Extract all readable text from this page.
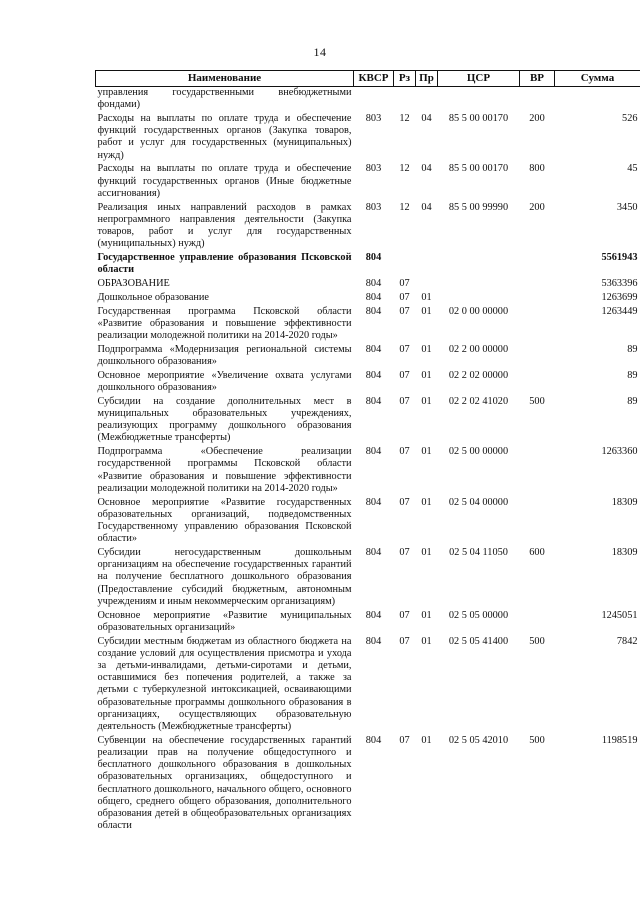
14
Наименование	КВСР	Рз	Пр	ЦСР	ВР	Сумма
управления государственными внебюджетными фондами)						
Расходы на выплаты по оплате труда и обеспечение функций государственных органов (Закупка товаров, работ и услуг для государственных (муниципальных) нужд)	803	12	04	85 5 00 00170	200	526
Расходы на выплаты по оплате труда и обеспечение функций государственных органов (Иные бюджетные ассигнования)	803	12	04	85 5 00 00170	800	45
Реализация иных направлений расходов в рамках непрограммного направления деятельности (Закупка товаров, работ и услуг для государственных (муниципальных) нужд)	803	12	04	85 5 00 99990	200	3450
Государственное управление образования Псковской области	804					5561943
ОБРАЗОВАНИЕ	804	07				5363396
Дошкольное образование	804	07	01			1263699
Государственная программа Псковской области «Развитие образования и повышение эффективности реализации молодежной политики на 2014-2020 годы»	804	07	01	02 0 00 00000		1263449
Подпрограмма «Модернизация региональной системы дошкольного образования»	804	07	01	02 2 00 00000		89
Основное мероприятие «Увеличение охвата услугами дошкольного образования»	804	07	01	02 2 02 00000		89
Субсидии на создание дополнительных мест в муниципальных образовательных учреждениях, реализующих программу дошкольного образования (Межбюджетные трансферты)	804	07	01	02 2 02 41020	500	89
Подпрограмма «Обеспечение реализации государственной программы Псковской области «Развитие образования и повышение эффективности реализации молодежной политики на 2014-2020 годы»	804	07	01	02 5 00 00000		1263360
Основное мероприятие «Развитие государственных образовательных организаций, подведомственных Государственному управлению образования Псковской области»	804	07	01	02 5 04 00000		18309
Субсидии негосударственным дошкольным организациям на обеспечение государственных гарантий на получение бесплатного дошкольного образования (Предоставление субсидий бюджетным, автономным учреждениям и иным некоммерческим организациям)	804	07	01	02 5 04 11050	600	18309
Основное мероприятие «Развитие муниципальных образовательных организаций»	804	07	01	02 5 05 00000		1245051
Субсидии местным бюджетам из областного бюджета на создание условий для осуществления присмотра и ухода за детьми-инвалидами, детьми-сиротами и детьми, оставшимися без попечения родителей, а также за детьми с туберкулезной интоксикацией, осваивающими образовательные программы дошкольного образования в организациях, осуществляющих образовательную деятельность (Межбюджетные трансферты)	804	07	01	02 5 05 41400	500	7842
Субвенции на обеспечение государственных гарантий реализации прав на получение общедоступного и бесплатного дошкольного образования в дошкольных образовательных организациях, общедоступного и бесплатного дошкольного, начального общего, основного общего, среднего общего образования, дополнительного образования детей в общеобразовательных организациях области	804	07	01	02 5 05 42010	500	1198519
